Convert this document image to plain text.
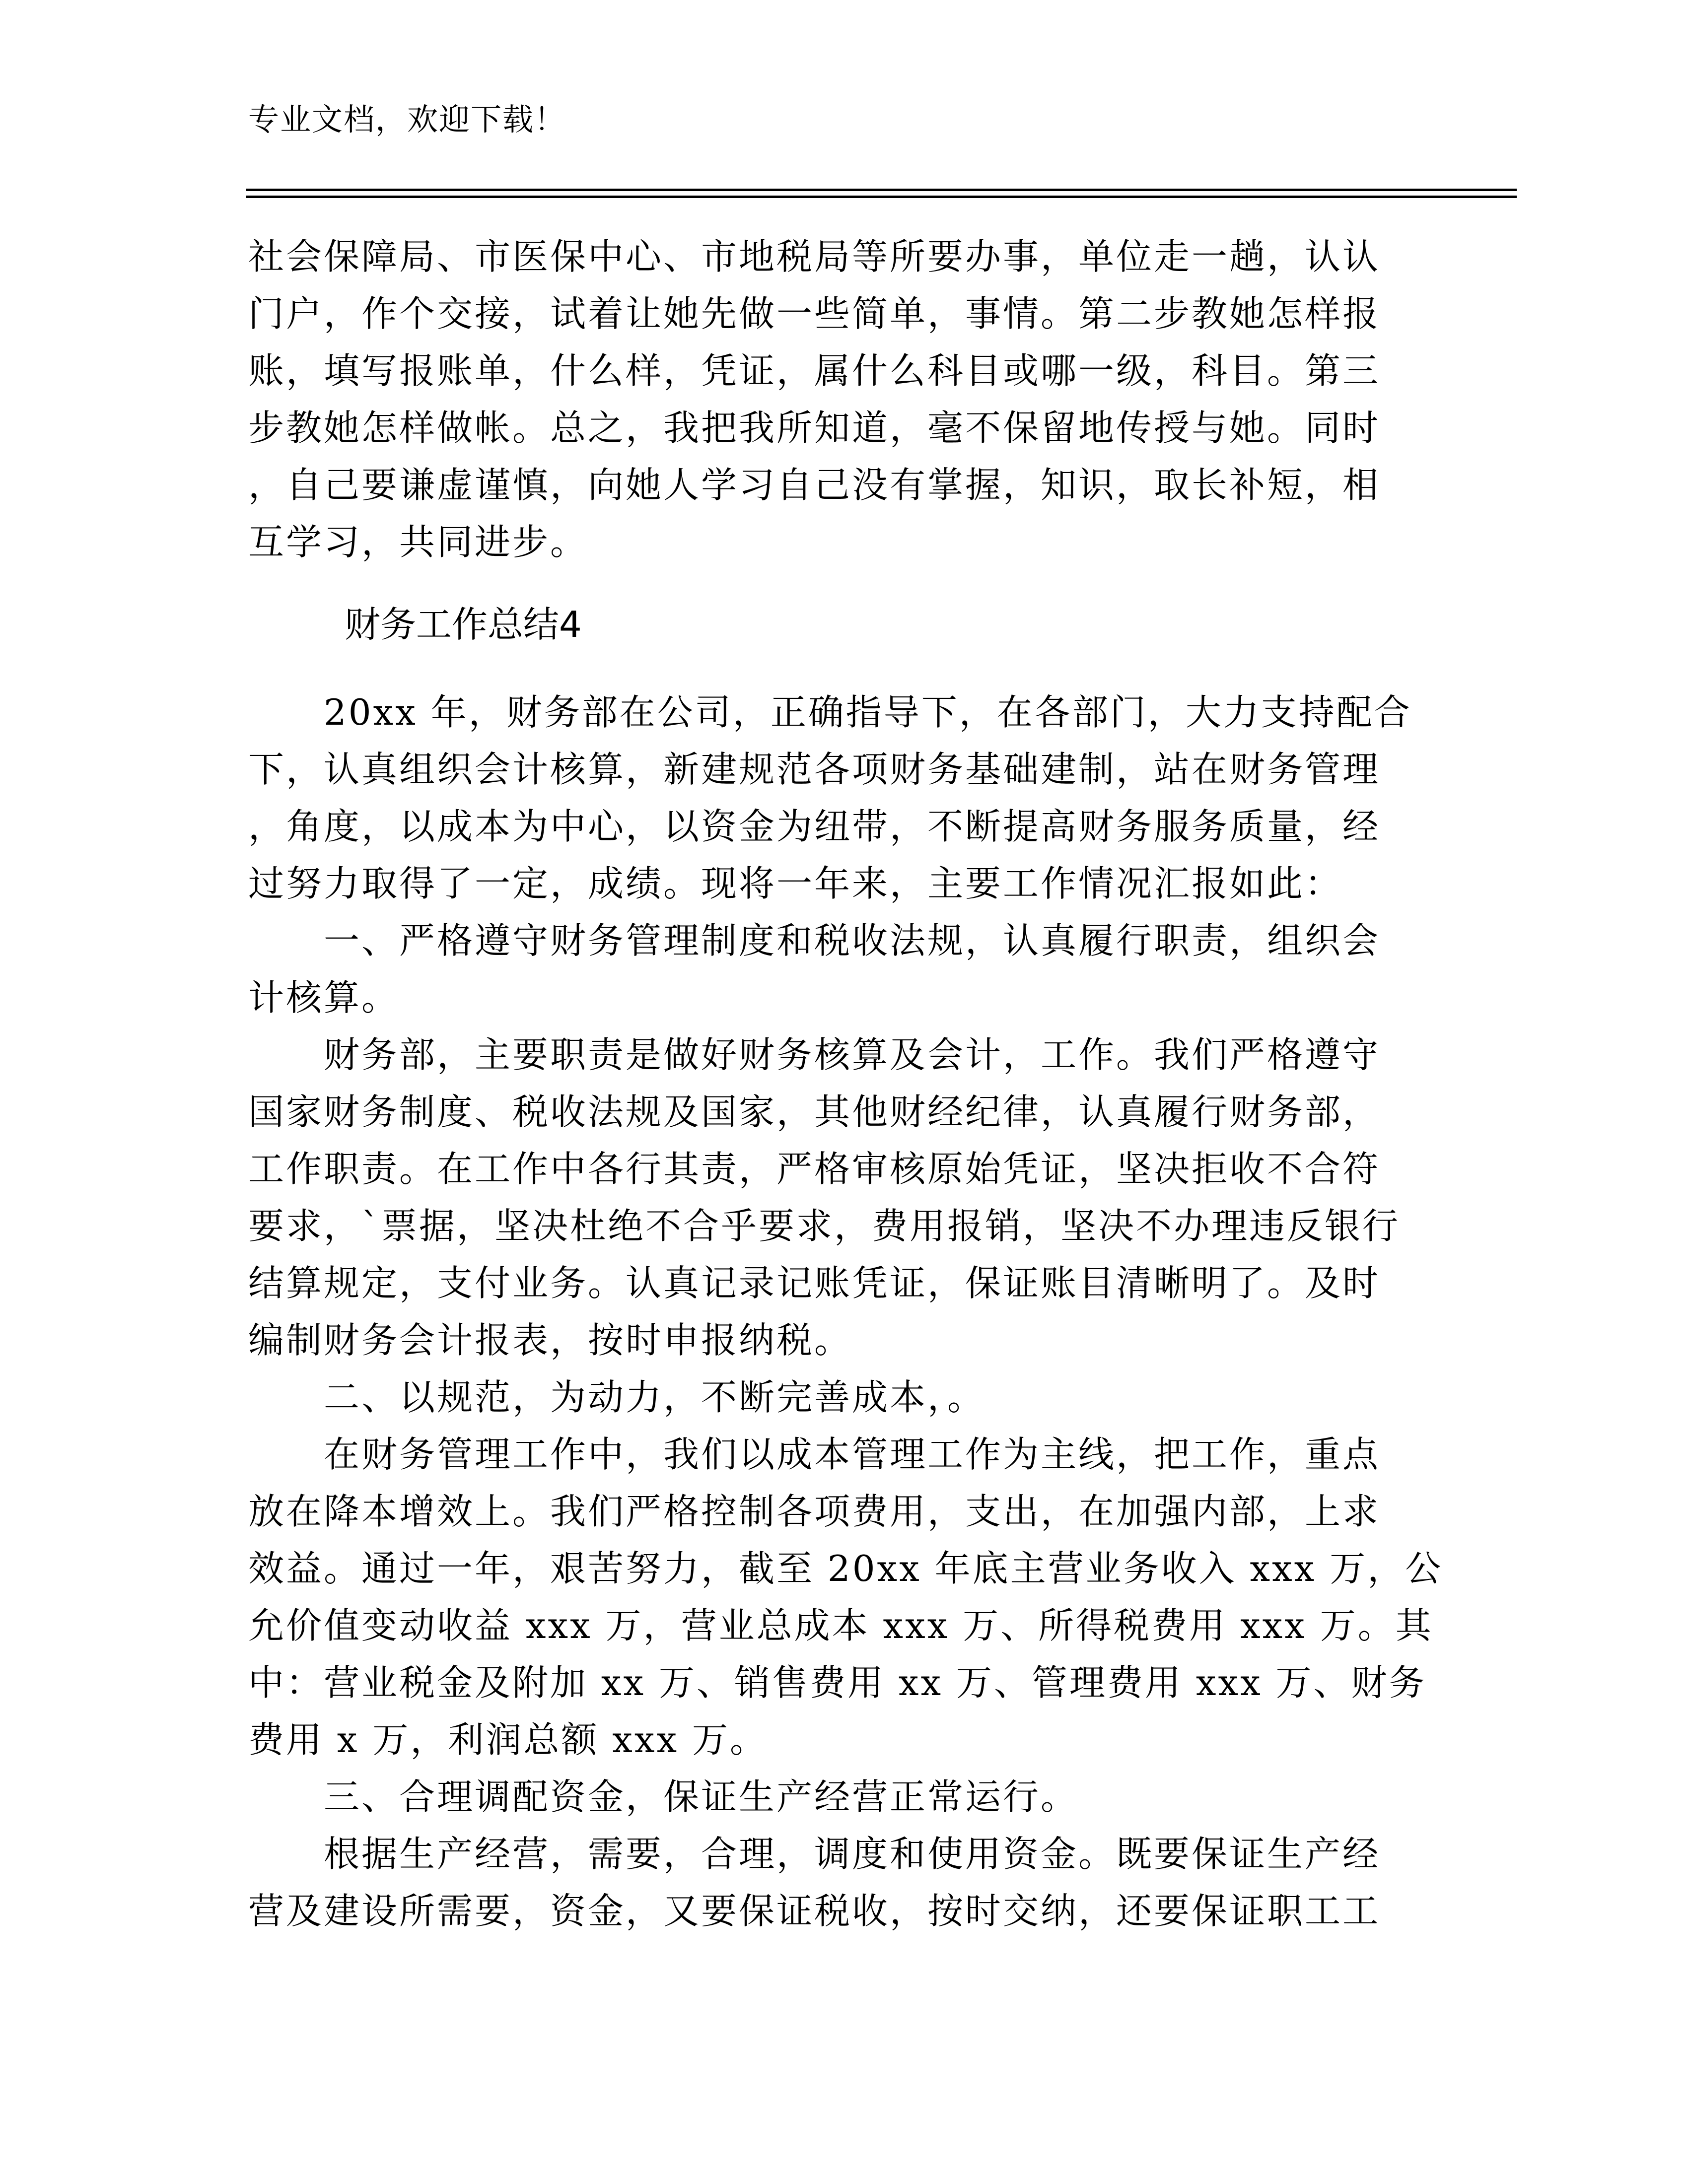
专业文档，欢迎下载！
社会保障局、市医保中心、市地税局等所要办事，单位走一趟，认认
门户，作个交接，试着让她先做一些简单，事情。第二步教她怎样报
账，填写报账单，什么样，凭证，属什么科目或哪一级，科目。第三
步教她怎样做帐。总之，我把我所知道，毫不保留地传授与她。同时
，自己要谦虚谨慎，向她人学习自己没有掌握，知识，取长补短，相
互学习，共同进步。
财务工作总结4
　　20xx 年，财务部在公司，正确指导下，在各部门，大力支持配合
下，认真组织会计核算，新建规范各项财务基础建制，站在财务管理
，角度，以成本为中心，以资金为纽带，不断提高财务服务质量，经
过努力取得了一定，成绩。现将一年来，主要工作情况汇报如此：
　　一、严格遵守财务管理制度和税收法规，认真履行职责，组织会
计核算。
　　财务部，主要职责是做好财务核算及会计，工作。我们严格遵守
国家财务制度、税收法规及国家，其他财经纪律，认真履行财务部，
工作职责。在工作中各行其责，严格审核原始凭证，坚决拒收不合符
要求，`票据，坚决杜绝不合乎要求，费用报销，坚决不办理违反银行
结算规定，支付业务。认真记录记账凭证，保证账目清晰明了。及时
编制财务会计报表，按时申报纳税。
　　二、以规范，为动力，不断完善成本，。
　　在财务管理工作中，我们以成本管理工作为主线，把工作，重点
放在降本增效上。我们严格控制各项费用，支出，在加强内部，上求
效益。通过一年，艰苦努力，截至 20xx 年底主营业务收入 xxx 万，公
允价值变动收益 xxx 万，营业总成本 xxx 万、所得税费用 xxx 万。其
中：营业税金及附加 xx 万、销售费用 xx 万、管理费用 xxx 万、财务
费用 x 万，利润总额 xxx 万。
　　三、合理调配资金，保证生产经营正常运行。
　　根据生产经营，需要，合理，调度和使用资金。既要保证生产经
营及建设所需要，资金，又要保证税收，按时交纳，还要保证职工工
